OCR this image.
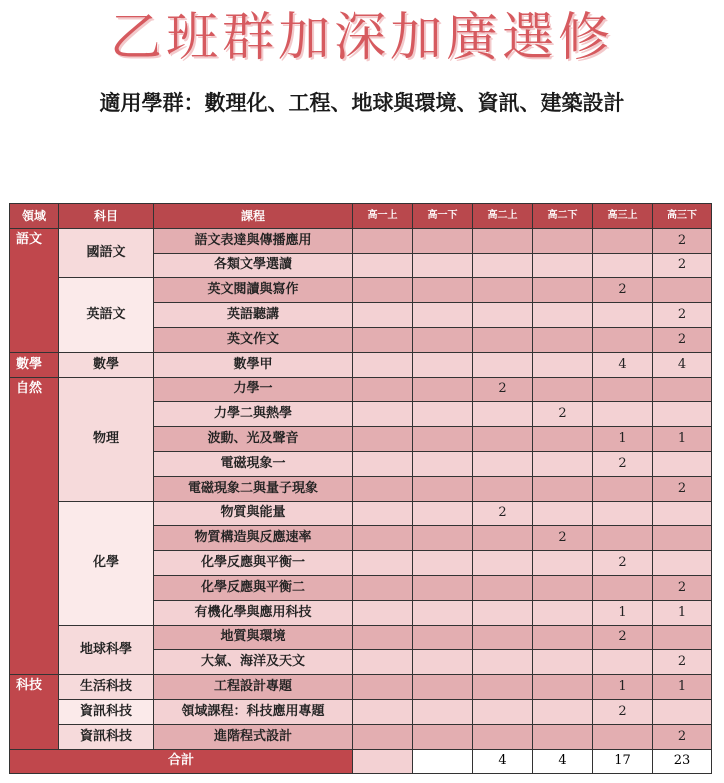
乙班群加深加廣選修
適用學群：數理化、工程、地球與環境、資訊、建築設計
領域	科目	課程	高一上	高一下	高二上	高二下	高三上	高三下
語文	國語文	語文表達與傳播應用						2
		各類文學選讀						2
	英語文	英文閱讀與寫作					2	
		英語聽講						2
		英文作文						2
數學	數學	數學甲					4	4
自然	物理	力學一			2			
		力學二與熱學				2		
		波動、光及聲音					1	1
		電磁現象一					2	
		電磁現象二與量子現象						2
	化學	物質與能量			2			
		物質構造與反應速率				2		
		化學反應與平衡一					2	
		化學反應與平衡二						2
		有機化學與應用科技					1	1
	地球科學	地質與環境					2	
		大氣、海洋及天文						2
科技	生活科技	工程設計專題					1	1
	資訊科技	領域課程：科技應用專題					2	
	資訊科技	進階程式設計						2
合計					4	4	17	23
